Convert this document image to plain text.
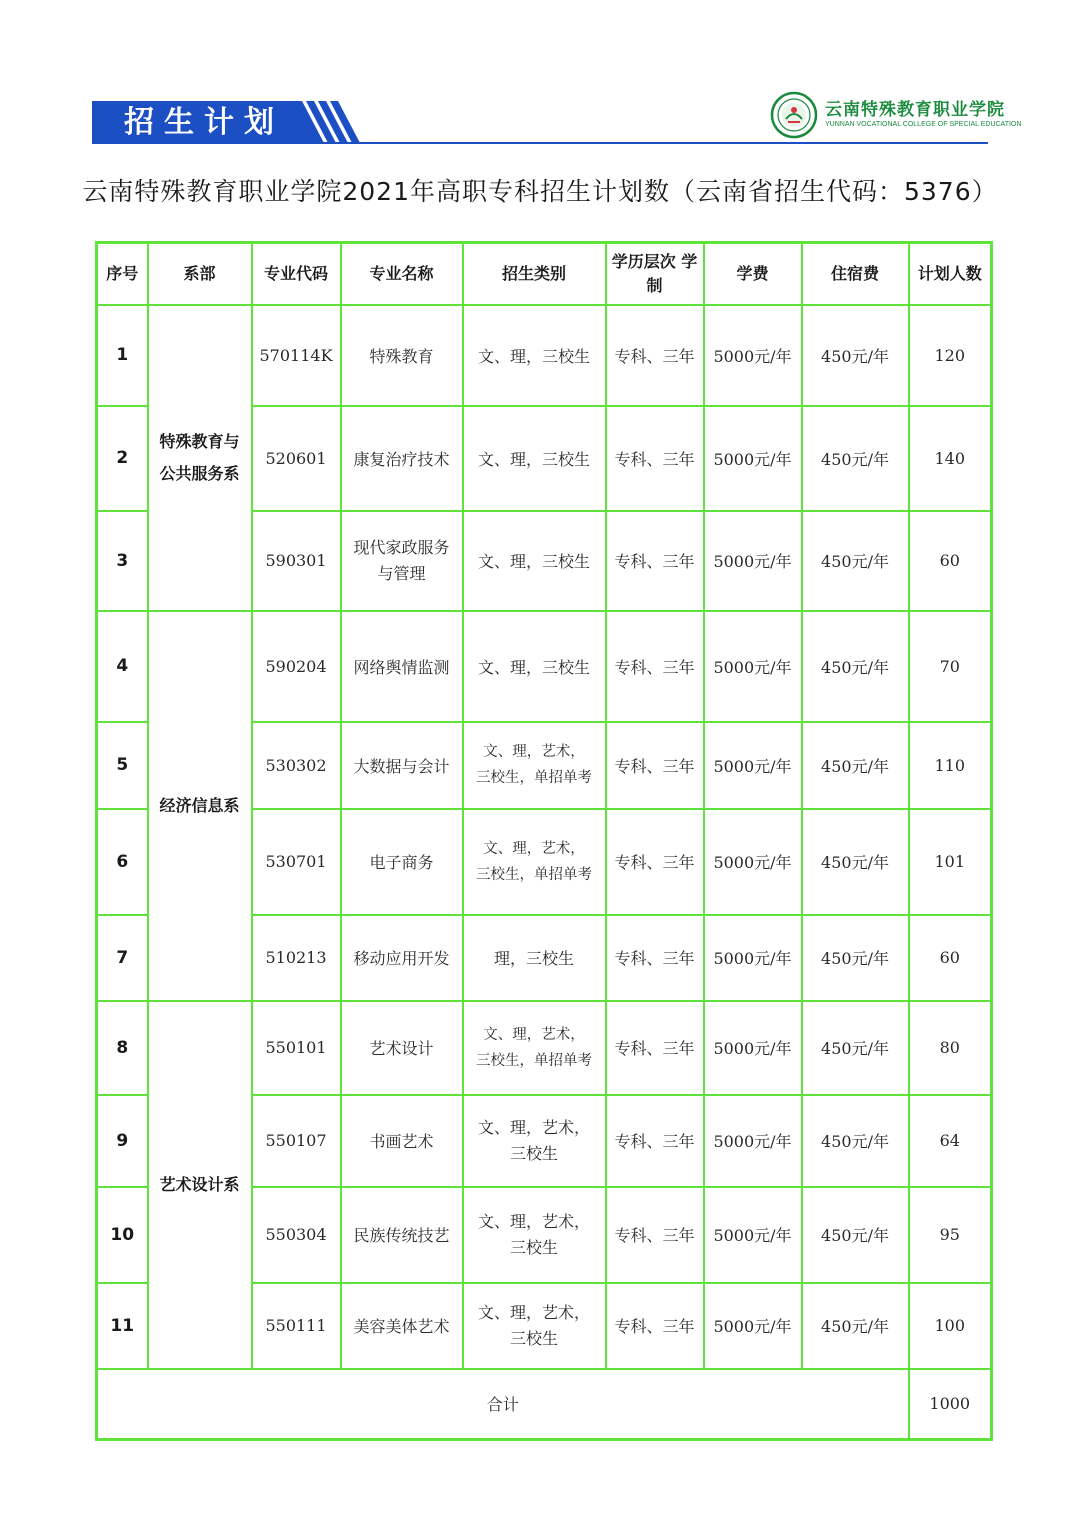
招生计划	云南特殊教育职业学院
YUNNAN VOCATIONAL COLLEGE OF SPECIAL EDUCATION
云南特殊教育职业学院2021年高职专科招生计划数（云南省招生代码：5376）
序号	系部	专业代码	专业名称	招生类别	学历层次 学制	学费	住宿费	计划人数
1	特殊教育与
公共服务系	570114K	特殊教育	文、理，三校生	专科、三年	5000元/年	450元/年	120
2		520601	康复治疗技术	文、理，三校生	专科、三年	5000元/年	450元/年	140
3		590301	现代家政服务
与管理	文、理，三校生	专科、三年	5000元/年	450元/年	60
4	经济信息系	590204	网络舆情监测	文、理，三校生	专科、三年	5000元/年	450元/年	70
5		530302	大数据与会计	文、理，艺术，
三校生，单招单考	专科、三年	5000元/年	450元/年	110
6		530701	电子商务	文、理，艺术，
三校生，单招单考	专科、三年	5000元/年	450元/年	101
7		510213	移动应用开发	理，三校生	专科、三年	5000元/年	450元/年	60
8	艺术设计系	550101	艺术设计	文、理，艺术，
三校生，单招单考	专科、三年	5000元/年	450元/年	80
9		550107	书画艺术	文、理，艺术，
三校生	专科、三年	5000元/年	450元/年	64
10		550304	民族传统技艺	文、理，艺术，
三校生	专科、三年	5000元/年	450元/年	95
11		550111	美容美体艺术	文、理，艺术，
三校生	专科、三年	5000元/年	450元/年	100
合计								1000
